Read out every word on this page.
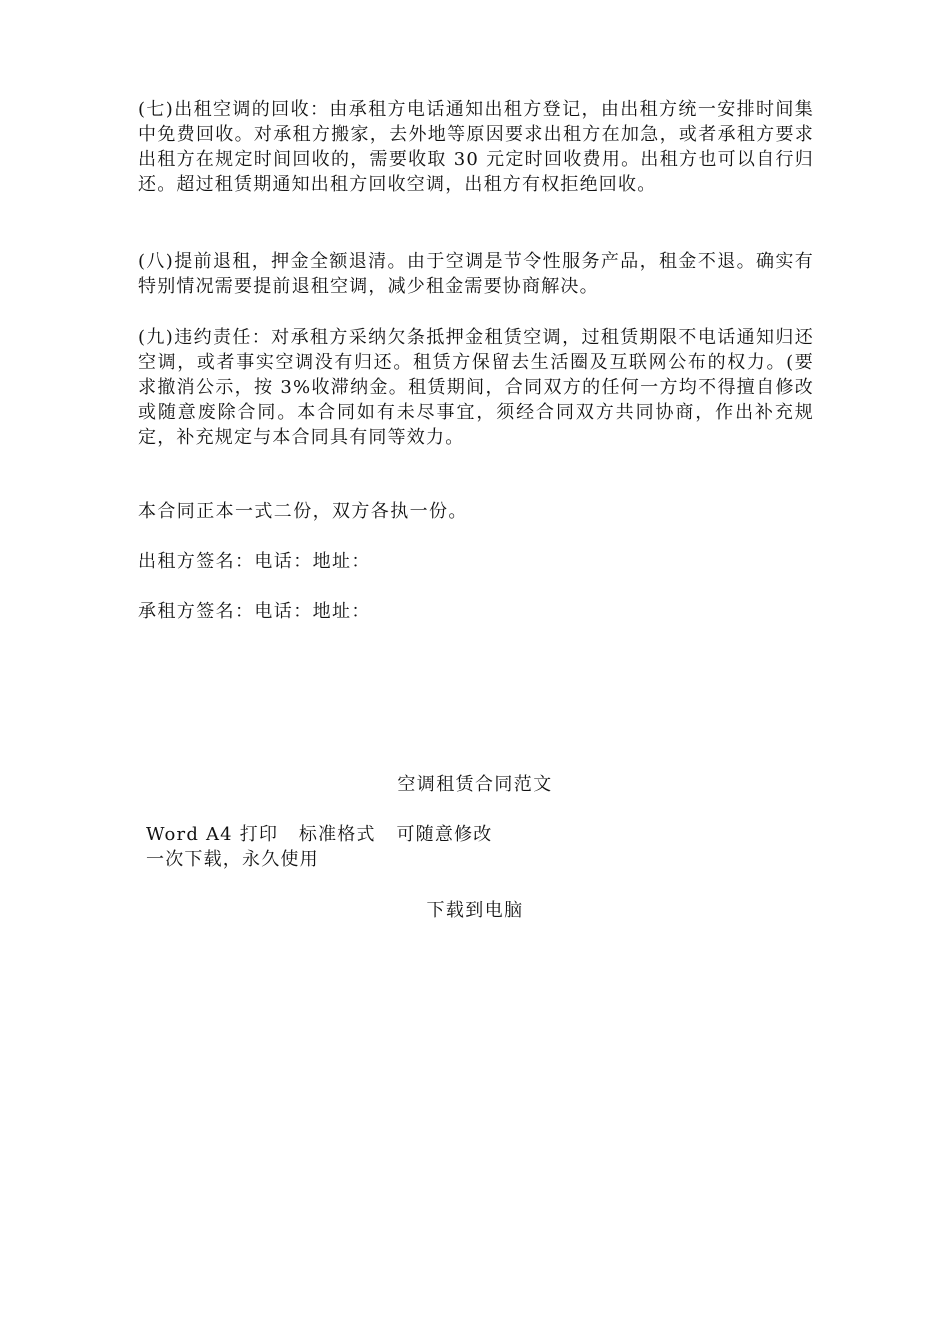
(七)出租空调的回收：由承租方电话通知出租方登记，由出租方统一安排时间集中免费回收。对承租方搬家，去外地等原因要求出租方在加急，或者承租方要求出租方在规定时间回收的，需要收取 30 元定时回收费用。出租方也可以自行归还。超过租赁期通知出租方回收空调，出租方有权拒绝回收。

(八)提前退租，押金全额退清。由于空调是节令性服务产品，租金不退。确实有特别情况需要提前退租空调，减少租金需要协商解决。

(九)违约责任：对承租方采纳欠条抵押金租赁空调，过租赁期限不电话通知归还空调，或者事实空调没有归还。租赁方保留去生活圈及互联网公布的权力。(要求撤消公示，按 3%收滞纳金。租赁期间，合同双方的任何一方均不得擅自修改或随意废除合同。本合同如有未尽事宜，须经合同双方共同协商，作出补充规定，补充规定与本合同具有同等效力。

本合同正本一式二份，双方各执一份。

出租方签名：电话：地址：

承租方签名：电话：地址：

空调租赁合同范文

Word A4 打印   标准格式   可随意修改

一次下载，永久使用

下载到电脑
